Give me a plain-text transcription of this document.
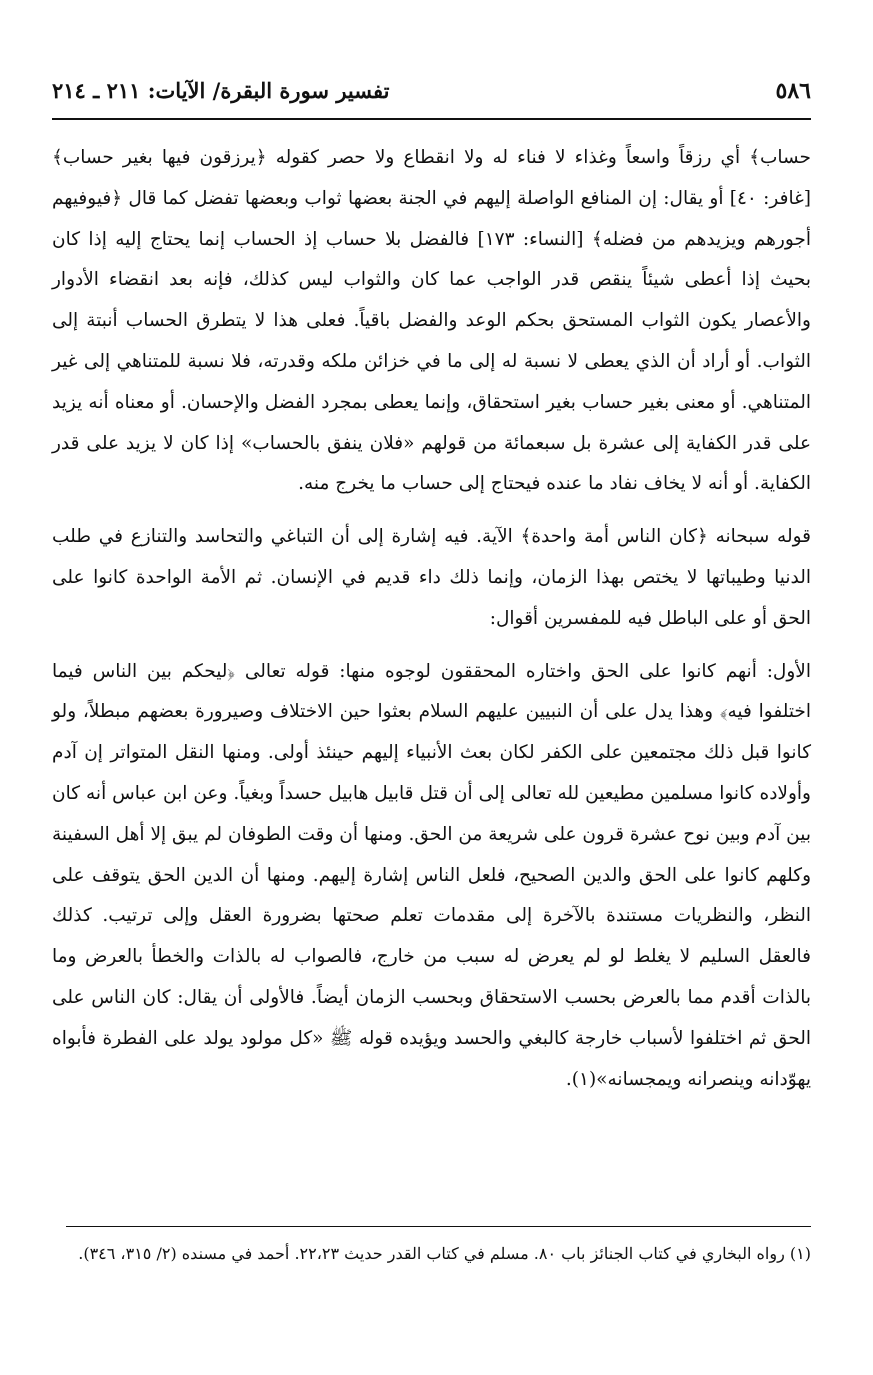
٥٨٦
تفسير سورة البقرة/ الآيات: ٢١١ ـ ٢١٤

حساب﴾ أي رزقاً واسعاً وغذاء لا فناء له ولا انقطاع ولا حصر كقوله ﴿يرزقون فيها بغير حساب﴾ [غافر: ٤٠] أو يقال: إن المنافع الواصلة إليهم في الجنة بعضها ثواب وبعضها تفضل كما قال ﴿فيوفيهم أجورهم ويزيدهم من فضله﴾ [النساء: ١٧٣] فالفضل بلا حساب إذ الحساب إنما يحتاج إليه إذا كان بحيث إذا أعطى شيئاً ينقص قدر الواجب عما كان والثواب ليس كذلك، فإنه بعد انقضاء الأدوار والأعصار يكون الثواب المستحق بحكم الوعد والفضل باقياً. فعلى هذا لا يتطرق الحساب أنبتة إلى الثواب. أو أراد أن الذي يعطى لا نسبة له إلى ما في خزائن ملكه وقدرته، فلا نسبة للمتناهي إلى غير المتناهي. أو معنى بغير حساب بغير استحقاق، وإنما يعطى بمجرد الفضل والإحسان. أو معناه أنه يزيد على قدر الكفاية إلى عشرة بل سبعمائة من قولهم «فلان ينفق بالحساب» إذا كان لا يزيد على قدر الكفاية. أو أنه لا يخاف نفاد ما عنده فيحتاج إلى حساب ما يخرج منه.

قوله سبحانه ﴿كان الناس أمة واحدة﴾ الآية. فيه إشارة إلى أن التباغي والتحاسد والتنازع في طلب الدنيا وطيباتها لا يختص بهذا الزمان، وإنما ذلك داء قديم في الإنسان. ثم الأمة الواحدة كانوا على الحق أو على الباطل فيه للمفسرين أقوال:

الأول: أنهم كانوا على الحق واختاره المحققون لوجوه منها: قوله تعالى ﴿ليحكم بين الناس فيما اختلفوا فيه﴾ وهذا يدل على أن النبيين عليهم السلام بعثوا حين الاختلاف وصيرورة بعضهم مبطلاً، ولو كانوا قبل ذلك مجتمعين على الكفر لكان بعث الأنبياء إليهم حينئذ أولى. ومنها النقل المتواتر إن آدم وأولاده كانوا مسلمين مطيعين لله تعالى إلى أن قتل قابيل هابيل حسداً وبغياً. وعن ابن عباس أنه كان بين آدم وبين نوح عشرة قرون على شريعة من الحق. ومنها أن وقت الطوفان لم يبق إلا أهل السفينة وكلهم كانوا على الحق والدين الصحيح، فلعل الناس إشارة إليهم. ومنها أن الدين الحق يتوقف على النظر، والنظريات مستندة بالآخرة إلى مقدمات تعلم صحتها بضرورة العقل وإلى ترتيب. كذلك فالعقل السليم لا يغلط لو لم يعرض له سبب من خارج، فالصواب له بالذات والخطأ بالعرض وما بالذات أقدم مما بالعرض بحسب الاستحقاق وبحسب الزمان أيضاً. فالأولى أن يقال: كان الناس على الحق ثم اختلفوا لأسباب خارجة كالبغي والحسد ويؤيده قوله ﷺ «كل مولود يولد على الفطرة فأبواه يهوّدانه وينصرانه ويمجسانه»(١).

(١) رواه البخاري في كتاب الجنائز باب ٨٠. مسلم في كتاب القدر حديث ٢٢،٢٣. أحمد في مسنده (٢/ ٣١٥، ٣٤٦).
